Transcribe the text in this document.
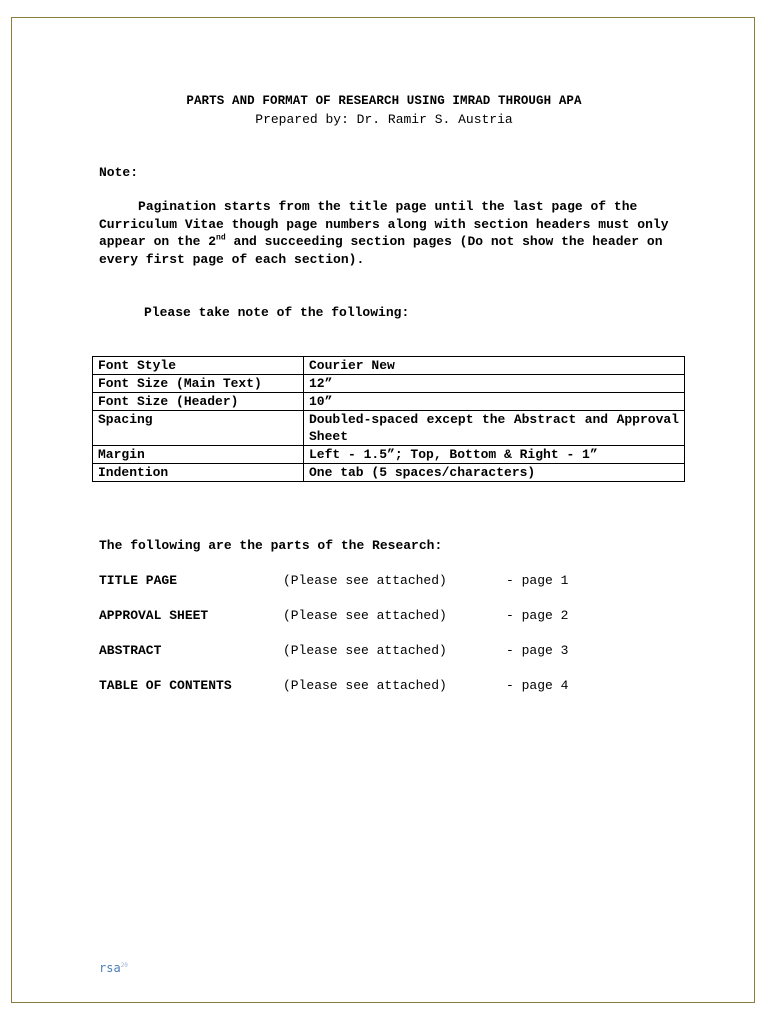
PARTS AND FORMAT OF RESEARCH USING IMRAD THROUGH APA
Prepared by: Dr. Ramir S. Austria
Note:

Pagination starts from the title page until the last page of the Curriculum Vitae though page numbers along with section headers must only appear on the 2nd and succeeding section pages (Do not show the header on every first page of each section).

Please take note of the following:
Font Style	Courier New
Font Size (Main Text)	12”
Font Size (Header)	10”
Spacing	Doubled-spaced except the Abstract and Approval Sheet
Margin	Left - 1.5”; Top, Bottom & Right - 1”
Indention	One tab (5 spaces/characters)
The following are the parts of the Research:
TITLE PAGE	(Please see attached)	- page 1
APPROVAL SHEET	(Please see attached)	- page 2
ABSTRACT	(Please see attached)	- page 3
TABLE OF CONTENTS	(Please see attached)	- page 4
rsa$^{20}$
